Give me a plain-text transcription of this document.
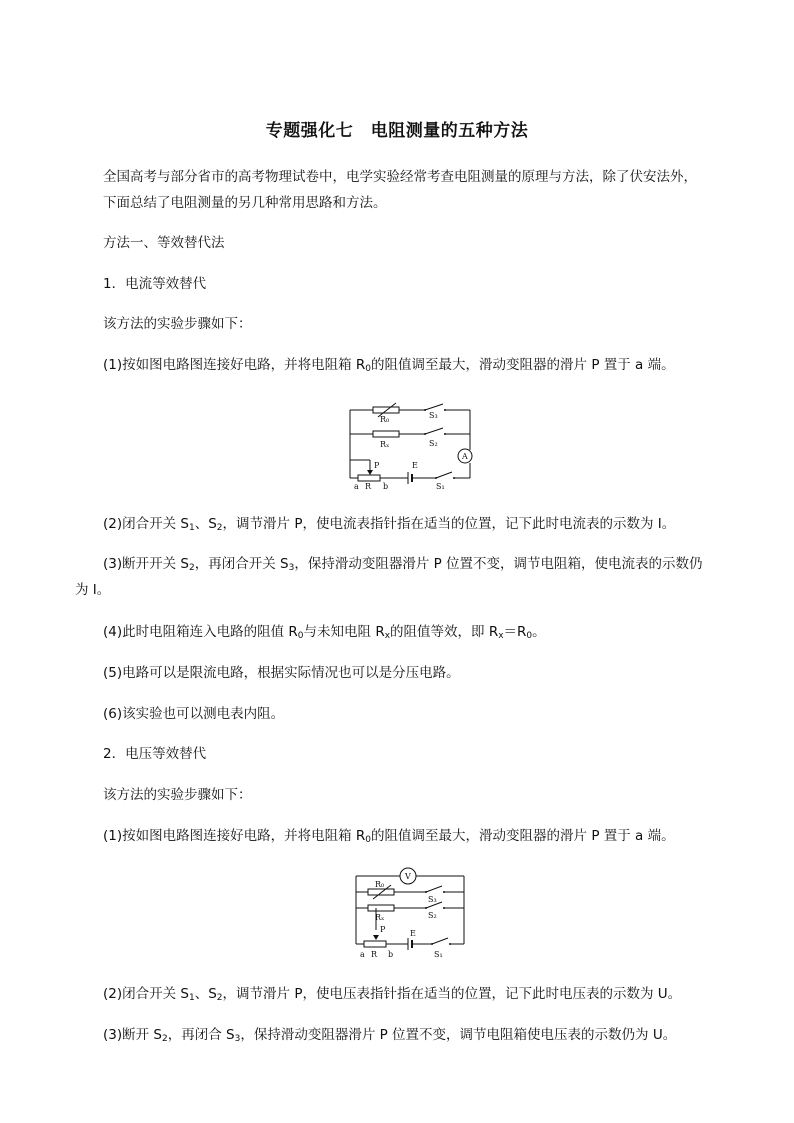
专题强化七　电阻测量的五种方法
全国高考与部分省市的高考物理试卷中，电学实验经常考查电阻测量的原理与方法，除了伏安法外，
下面总结了电阻测量的另几种常用思路和方法。
方法一、等效替代法
1．电流等效替代
该方法的实验步骤如下：
(1)按如图电路图连接好电路，并将电阻箱 $R_0$的阻值调至最大，滑动变阻器的滑片 P 置于 a 端。
R₀	S₃
Rₓ	S₂
A
P	E
a R b	S₁
(2)闭合开关 $S_1$、$S_2$，调节滑片 P，使电流表指针指在适当的位置，记下此时电流表的示数为 I。
(3)断开开关 $S_2$，再闭合开关 $S_3$，保持滑动变阻器滑片 P 位置不变，调节电阻箱，使电流表的示数仍
为 I。
(4)此时电阻箱连入电路的阻值 $R_0$与未知电阻 $R_x$的阻值等效，即 $R_x=R_0$。
(5)电路可以是限流电路，根据实际情况也可以是分压电路。
(6)该实验也可以测电表内阻。
2．电压等效替代
该方法的实验步骤如下：
(1)按如图电路图连接好电路，并将电阻箱 $R_0$的阻值调至最大，滑动变阻器的滑片 P 置于 a 端。
V
R₀
S₃
Rₓ	S₂
P	E
a R b	S₁
(2)闭合开关 $S_1$、$S_2$，调节滑片 P，使电压表指针指在适当的位置，记下此时电压表的示数为 U。
(3)断开 $S_2$，再闭合 $S_3$，保持滑动变阻器滑片 P 位置不变，调节电阻箱使电压表的示数仍为 U。
